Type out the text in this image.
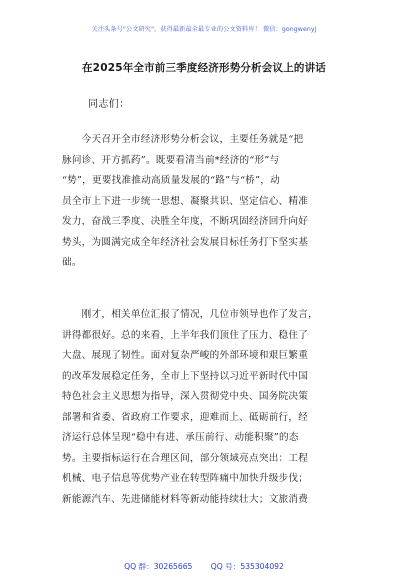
关注头条号"公文研究"，获得最新最全最专业的公文资料库！ 微信：gongwenyj
在2025年全市前三季度经济形势分析会议上的讲话
同志们：
　　今天召开全市经济形势分析会议，主要任务就是“把
脉问诊、开方抓药”。既要看清当前*经济的“形”与
“势”，更要找准推动高质量发展的“路”与“桥”，动
员全市上下进一步统一思想、凝聚共识、坚定信心、精准
发力，奋战三季度、决胜全年度，不断巩固经济回升向好
势头，为圆满完成全年经济社会发展目标任务打下坚实基
础。
　　刚才，相关单位汇报了情况，几位市领导也作了发言，
讲得都很好。总的来看，上半年我们顶住了压力、稳住了
大盘、展现了韧性。面对复杂严峻的外部环境和艰巨繁重
的改革发展稳定任务，全市上下坚持以习近平新时代中国
特色社会主义思想为指导，深入贯彻党中央、国务院决策
部署和省委、省政府工作要求，迎难而上、砥砺前行，经
济运行总体呈现“稳中有进、承压前行、动能积聚”的态
势。主要指标运行在合理区间，部分领域亮点突出：工程
机械、电子信息等优势产业在转型阵痛中加快升级步伐；
新能源汽车、先进储能材料等新动能持续壮大；文旅消费
QQ 群：30265665 QQ 号：535304092
